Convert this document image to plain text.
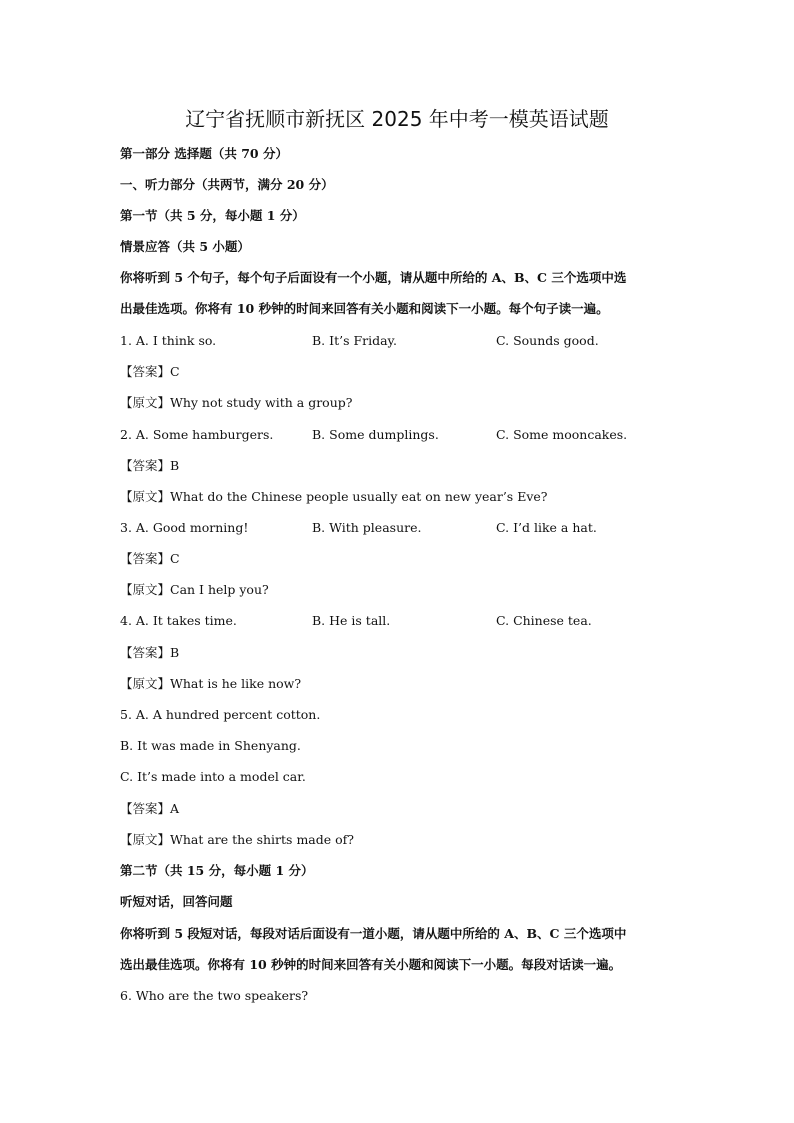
辽宁省抚顺市新抚区 2025 年中考一模英语试题
第一部分 选择题（共 70 分）
一、听力部分（共两节，满分 20 分）
第一节（共 5 分，每小题 1 分）
情景应答（共 5 小题）
你将听到 5 个句子，每个句子后面设有一个小题，请从题中所给的 A、B、C 三个选项中选
出最佳选项。你将有 10 秒钟的时间来回答有关小题和阅读下一小题。每个句子读一遍。
1. A. I think so.	B. It’s Friday.	C. Sounds good.
【答案】C
【原文】Why not study with a group?
2. A. Some hamburgers.	B. Some dumplings.	C. Some mooncakes.
【答案】B
【原文】What do the Chinese people usually eat on new year’s Eve?
3. A. Good morning!	B. With pleasure.	C. I’d like a hat.
【答案】C
【原文】Can I help you?
4. A. It takes time.	B. He is tall.	C. Chinese tea.
【答案】B
【原文】What is he like now?
5. A. A hundred percent cotton.
B. It was made in Shenyang.
C. It’s made into a model car.
【答案】A
【原文】What are the shirts made of?
第二节（共 15 分，每小题 1 分）
听短对话，回答问题
你将听到 5 段短对话，每段对话后面设有一道小题，请从题中所给的 A、B、C 三个选项中
选出最佳选项。你将有 10 秒钟的时间来回答有关小题和阅读下一小题。每段对话读一遍。
6. Who are the two speakers?
